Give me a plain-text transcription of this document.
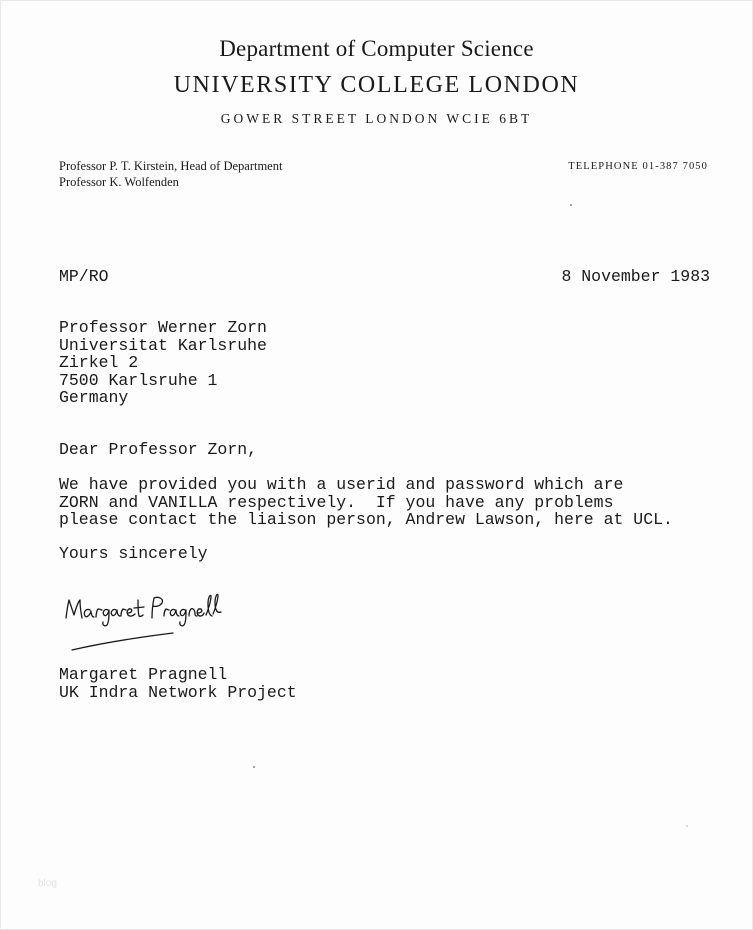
Department of Computer Science
UNIVERSITY COLLEGE LONDON
GOWER STREET LONDON WCIE 6BT
Professor P. T. Kirstein, Head of Department
Professor K. Wolfenden
TELEPHONE 01-387 7050
MP/RO	8 November 1983
Professor Werner Zorn
Universitat Karlsruhe
Zirkel 2
7500 Karlsruhe 1
Germany
Dear Professor Zorn,
We have provided you with a userid and password which are
ZORN and VANILLA respectively.  If you have any problems
please contact the liaison person, Andrew Lawson, here at UCL.
Yours sincerely
Margaret Pragnell
UK Indra Network Project
blog
